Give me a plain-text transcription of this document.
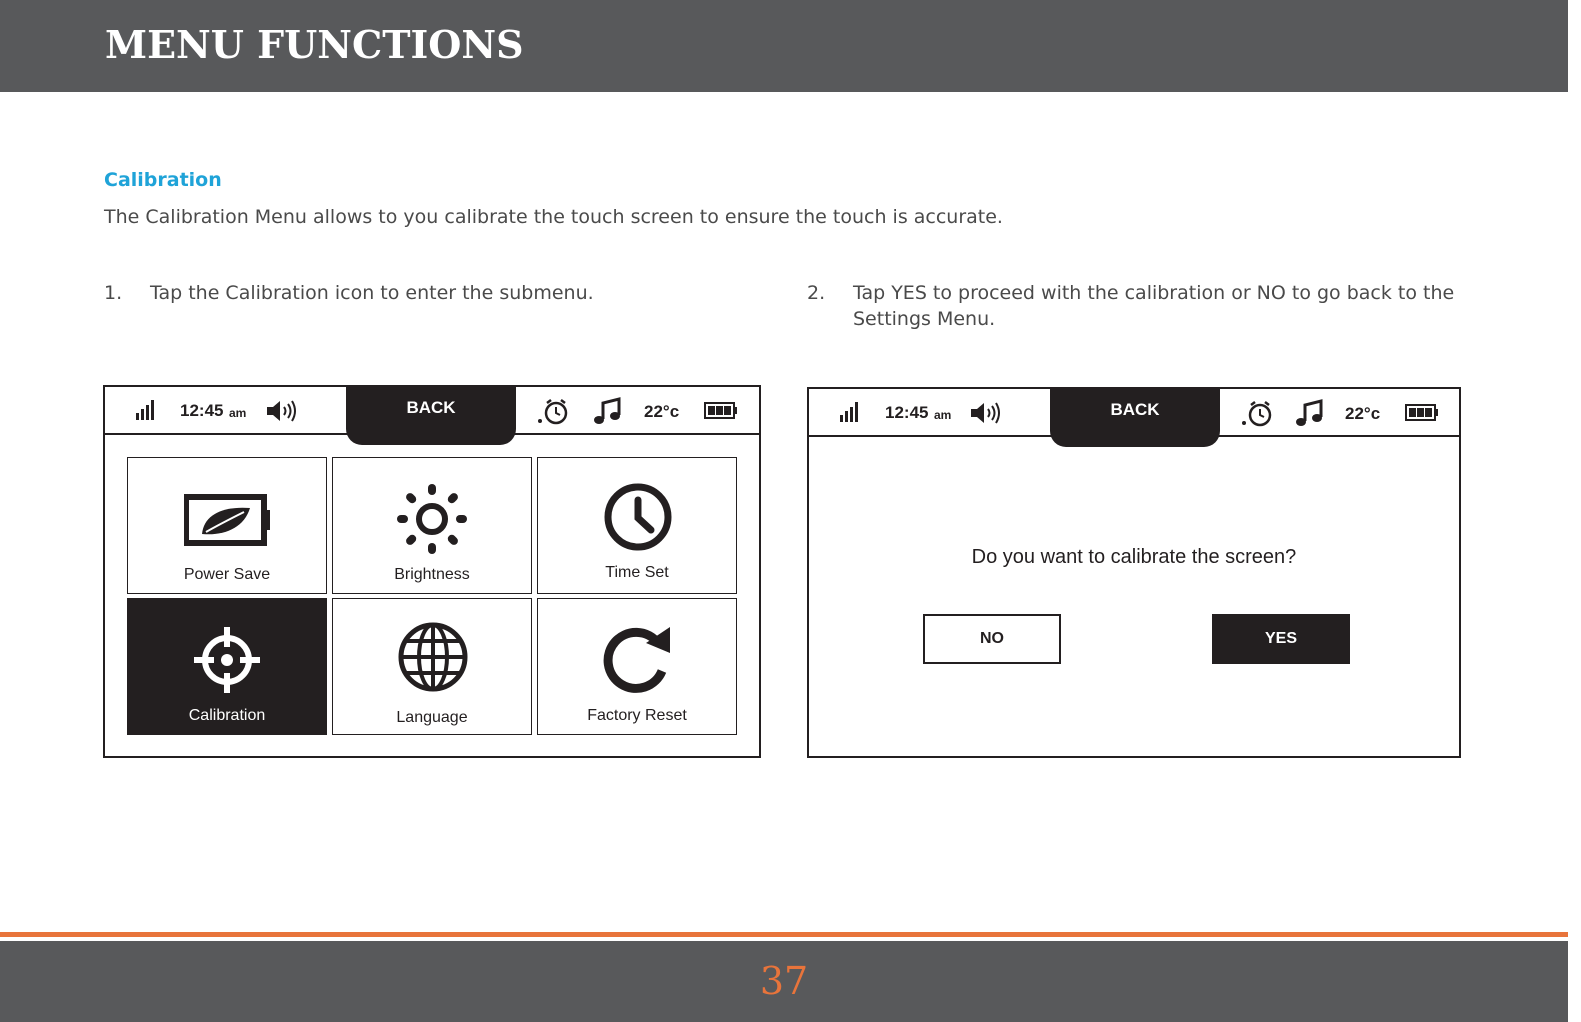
MENU FUNCTIONS
Calibration
The Calibration Menu allows to you calibrate the touch screen to ensure the touch is accurate.
1. Tap the Calibration icon to enter the submenu.	2. Tap YES to proceed with the calibration or NO to go back to the
Settings Menu.
12:45 am	BACK	22°c
Power Save	Brightness	Time Set
Calibration	Language	Factory Reset
12:45 am	BACK	22°c
Do you want to calibrate the screen?
NO	YES
37
